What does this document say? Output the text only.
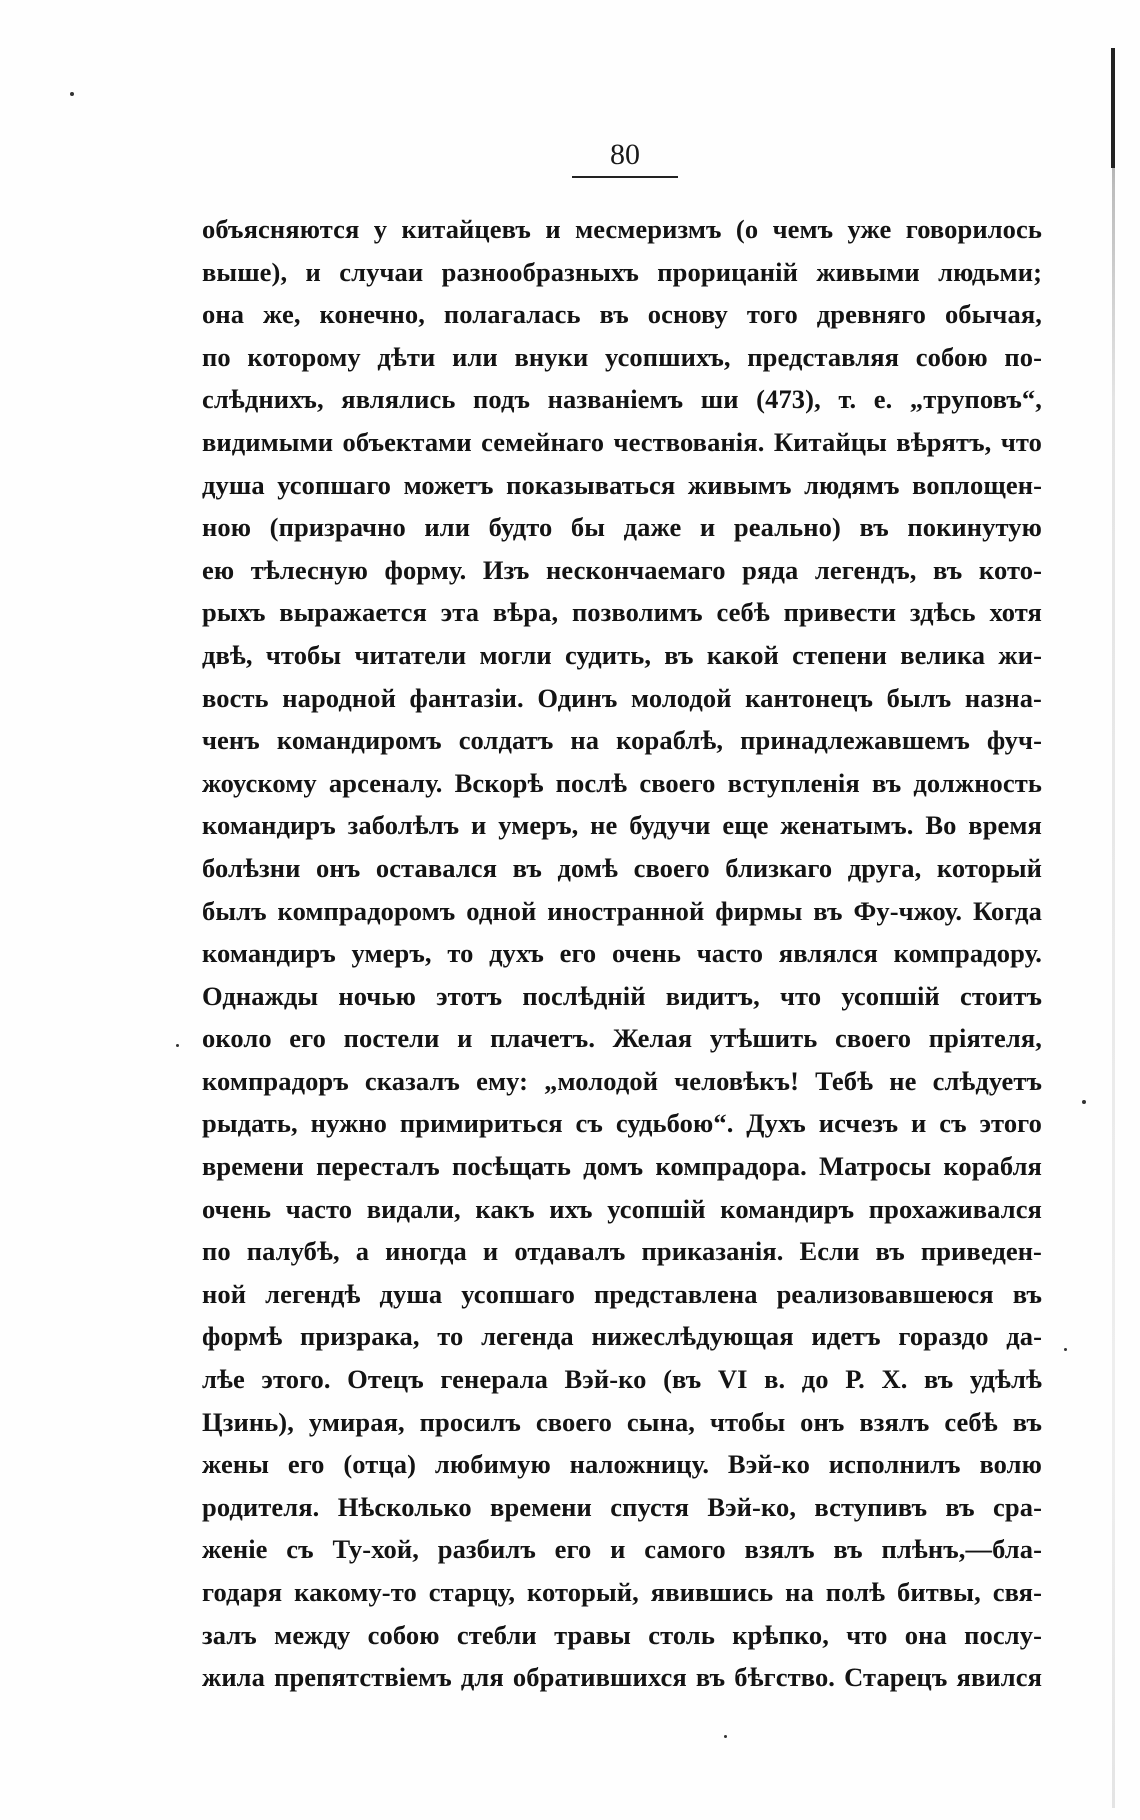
80
объясняются у китайцевъ и месмеризмъ (о чемъ уже говорилось
выше), и случаи разнообразныхъ прорицаній живыми людьми;
она же, конечно, полагалась въ основу того древняго обычая,
по которому дѣти или внуки усопшихъ, представляя собою по-
слѣднихъ, являлись подъ названіемъ ши (473), т. е. „труповъ“,
видимыми объектами семейнаго чествованія. Китайцы вѣрятъ, что
душа усопшаго можетъ показываться живымъ людямъ воплощен-
ною (призрачно или будто бы даже и реально) въ покинутую
ею тѣлесную форму. Изъ нескончаемаго ряда легендъ, въ кото-
рыхъ выражается эта вѣра, позволимъ себѣ привести здѣсь хотя
двѣ, чтобы читатели могли судить, въ какой степени велика жи-
вость народной фантазіи. Одинъ молодой кантонецъ былъ назна-
ченъ командиромъ солдатъ на кораблѣ, принадлежавшемъ фуч-
жоускому арсеналу. Вскорѣ послѣ своего вступленія въ должность
командиръ заболѣлъ и умеръ, не будучи еще женатымъ. Во время
болѣзни онъ оставался въ домѣ своего близкаго друга, который
былъ компрадоромъ одной иностранной фирмы въ Фу-чжоу. Когда
командиръ умеръ, то духъ его очень часто являлся компрадору.
Однажды ночью этотъ послѣдній видитъ, что усопшій стоитъ
около его постели и плачетъ. Желая утѣшить своего пріятеля,
компрадоръ сказалъ ему: „молодой человѣкъ! Тебѣ не слѣдуетъ
рыдать, нужно примириться съ судьбою“. Духъ исчезъ и съ этого
времени пересталъ посѣщать домъ компрадора. Матросы корабля
очень часто видали, какъ ихъ усопшій командиръ прохаживался
по палубѣ, а иногда и отдавалъ приказанія. Если въ приведен-
ной легендѣ душа усопшаго представлена реализовавшеюся въ
формѣ призрака, то легенда нижеслѣдующая идетъ гораздо да-
лѣе этого. Отецъ генерала Вэй-ко (въ VI в. до Р. Х. въ удѣлѣ
Цзинь), умирая, просилъ своего сына, чтобы онъ взялъ себѣ въ
жены его (отца) любимую наложницу. Вэй-ко исполнилъ волю
родителя. Нѣсколько времени спустя Вэй-ко, вступивъ въ сра-
женіе съ Ту-хой, разбилъ его и самого взялъ въ плѣнъ,—бла-
годаря какому-то старцу, который, явившись на полѣ битвы, свя-
залъ между собою стебли травы столь крѣпко, что она послу-
жила препятствіемъ для обратившихся въ бѣгство. Старецъ явился
